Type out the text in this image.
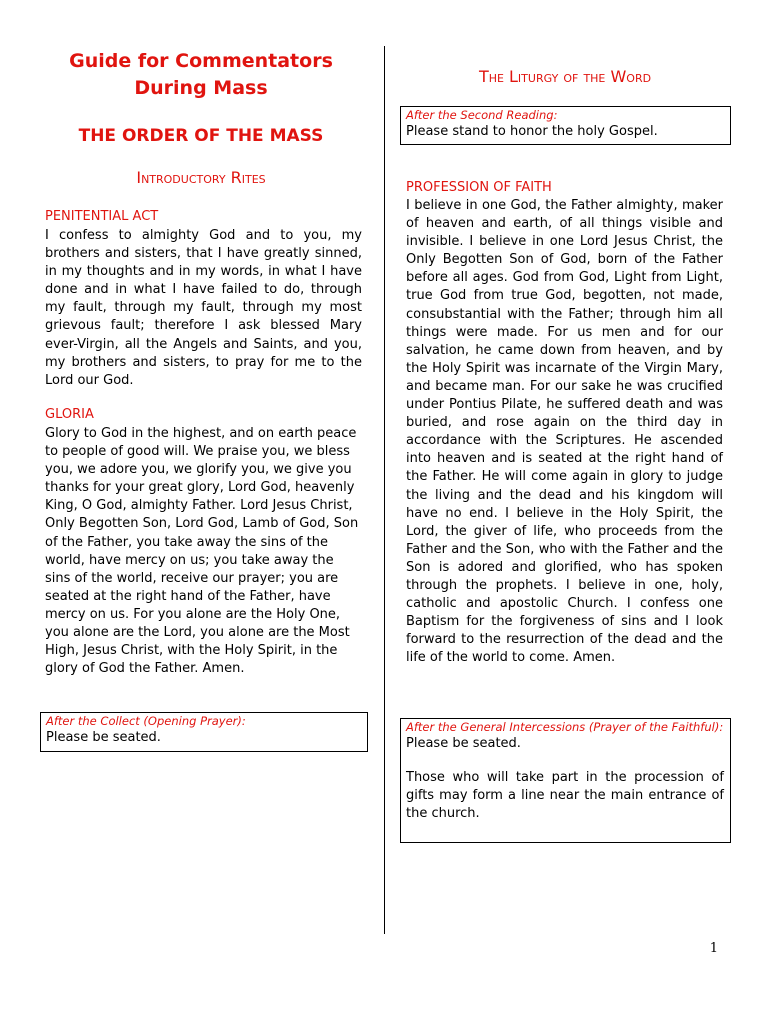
Guide for Commentators
During Mass
THE ORDER OF THE MASS
Introductory Rites
PENITENTIAL ACT

I confess to almighty God and to you, my brothers and sisters, that I have greatly sinned, in my thoughts and in my words, in what I have done and in what I have failed to do, through my fault, through my fault, through my most grievous fault; therefore I ask blessed Mary ever-Virgin, all the Angels and Saints, and you, my brothers and sisters, to pray for me to the Lord our God.

GLORIA

Glory to God in the highest, and on earth peace to people of good will. We praise you, we bless you, we adore you, we glorify you, we give you thanks for your great glory, Lord God, heavenly King, O God, almighty Father. Lord Jesus Christ, Only Begotten Son, Lord God, Lamb of God, Son of the Father, you take away the sins of the world, have mercy on us; you take away the sins of the world, receive our prayer; you are seated at the right hand of the Father, have mercy on us. For you alone are the Holy One, you alone are the Lord, you alone are the Most High, Jesus Christ, with the Holy Spirit, in the glory of God the Father. Amen.

After the Collect (Opening Prayer):
Please be seated.
The Liturgy of the Word
After the Second Reading:
Please stand to honor the holy Gospel.
PROFESSION OF FAITH

I believe in one God, the Father almighty, maker of heaven and earth, of all things visible and invisible. I believe in one Lord Jesus Christ, the Only Begotten Son of God, born of the Father before all ages. God from God, Light from Light, true God from true God, begotten, not made, consubstantial with the Father; through him all things were made. For us men and for our salvation, he came down from heaven, and by the Holy Spirit was incarnate of the Virgin Mary, and became man. For our sake he was crucified under Pontius Pilate, he suffered death and was buried, and rose again on the third day in accordance with the Scriptures. He ascended into heaven and is seated at the right hand of the Father. He will come again in glory to judge the living and the dead and his kingdom will have no end. I believe in the Holy Spirit, the Lord, the giver of life, who proceeds from the Father and the Son, who with the Father and the Son is adored and glorified, who has spoken through the prophets. I believe in one, holy, catholic and apostolic Church. I confess one Baptism for the forgiveness of sins and I look forward to the resurrection of the dead and the life of the world to come. Amen.

After the General Intercessions (Prayer of the Faithful):
Please be seated.
Those who will take part in the procession of gifts may form a line near the main entrance of the church.
1
